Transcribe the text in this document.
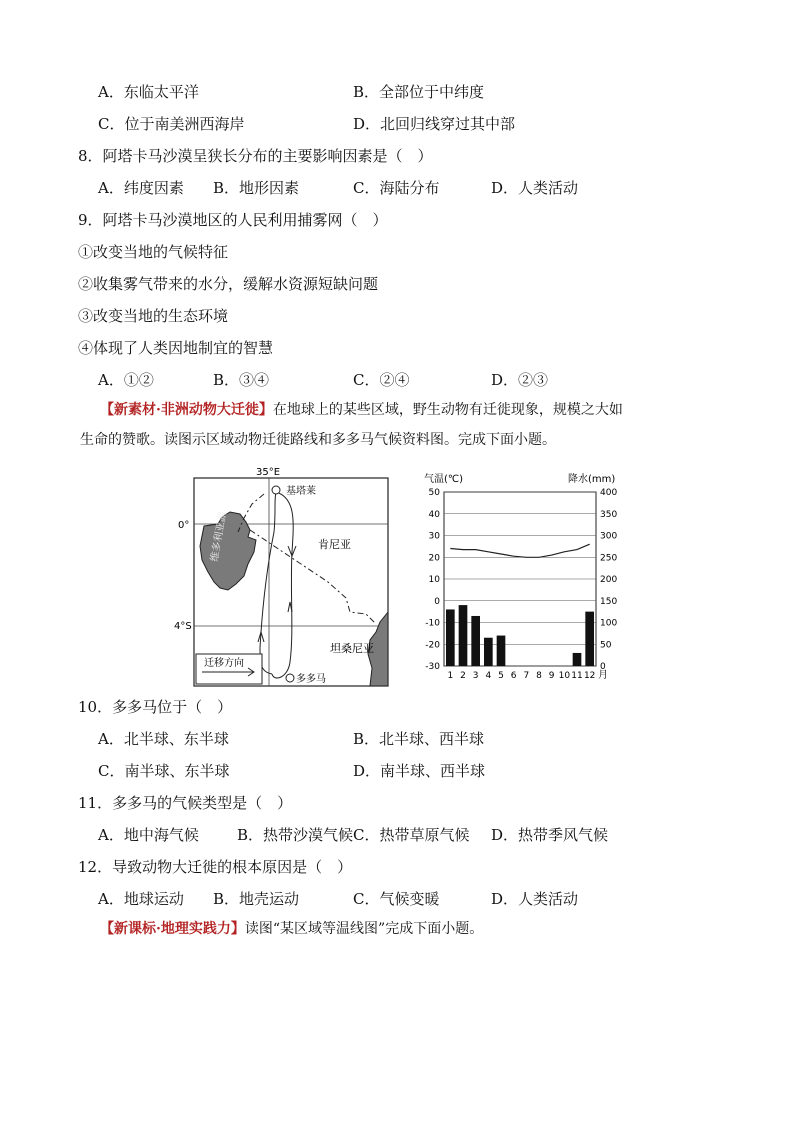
A．东临太平洋	B．全部位于中纬度
C．位于南美洲西海岸	D．北回归线穿过其中部
8．阿塔卡马沙漠呈狭长分布的主要影响因素是（　）
A．纬度因素 B．地形因素	C．海陆分布	D．人类活动
9．阿塔卡马沙漠地区的人民利用捕雾网（　）
①改变当地的气候特征
②收集雾气带来的水分，缓解水资源短缺问题
③改变当地的生态环境
④体现了人类因地制宜的智慧
A．①②	B．③④	C．②④	D．②③
【新素材·非洲动物大迁徙】在地球上的某些区域，野生动物有迁徙现象，规模之大如
生命的赞歌。读图示区域动物迁徙路线和多多马气候资料图。完成下面小题。
35°E
0°
4°S
维多利亚湖
基塔莱
多多马
肯尼亚
坦桑尼亚
迁移方向
气温(℃)	降水(mm)
50
40
30
20
10
0
-10
-20
-30
400
350
300
250
200
150
100
50
0
1 2 3 4 5 6 7 8 9 10 11 12 月
10．多多马位于（　）
A．北半球、东半球	B．北半球、西半球
C．南半球、东半球	D．南半球、西半球
11．多多马的气候类型是（　）
A．地中海气候	B．热带沙漠气候 C．热带草原气候 D．热带季风气候
12．导致动物大迁徙的根本原因是（　）
A．地球运动 B．地壳运动	C．气候变暖	D．人类活动
【新课标·地理实践力】读图“某区域等温线图”完成下面小题。
